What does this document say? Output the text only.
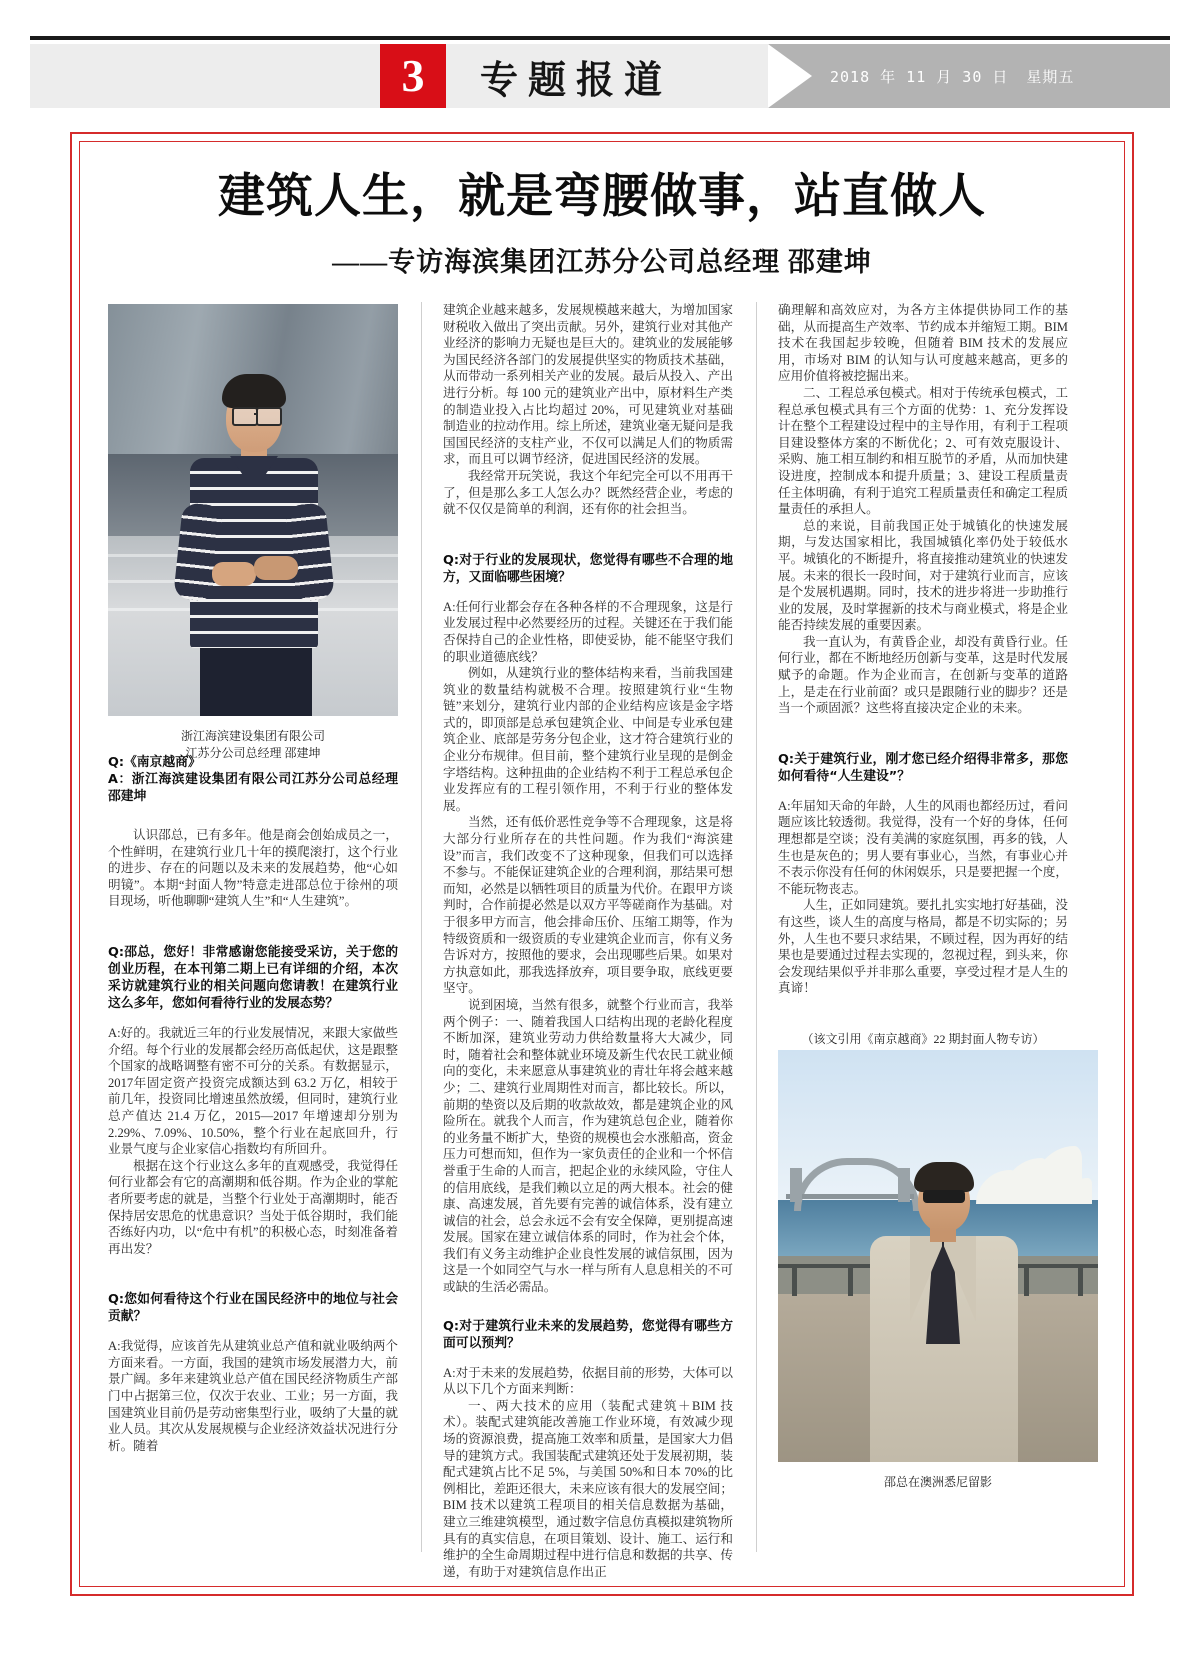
3	专题报道	2018 年 11 月 30 日 星期五
建筑人生，就是弯腰做事，站直做人
——专访海滨集团江苏分公司总经理 邵建坤
浙江海滨建设集团有限公司
江苏分公司总经理 邵建坤
邵总在澳洲悉尼留影

Q:《南京越商》

A：浙江海滨建设集团有限公司江苏分公司总经理 邵建坤

认识邵总，已有多年。他是商会创始成员之一，个性鲜明，在建筑行业几十年的摸爬滚打，这个行业的进步、存在的问题以及未来的发展趋势，他“心如明镜”。本期“封面人物”特意走进邵总位于徐州的项目现场，听他聊聊“建筑人生”和“人生建筑”。

Q:邵总，您好！非常感谢您能接受采访，关于您的创业历程，在本刊第二期上已有详细的介绍，本次采访就建筑行业的相关问题向您请教！在建筑行业这么多年，您如何看待行业的发展态势？

A:好的。我就近三年的行业发展情况，来跟大家做些介绍。每个行业的发展都会经历高低起伏，这是跟整个国家的战略调整有密不可分的关系。有数据显示，2017年固定资产投资完成额达到 63.2 万亿，相较于前几年，投资同比增速虽然放缓，但同时，建筑行业总产值达 21.4 万亿，2015—2017 年增速却分别为 2.29%、7.09%、10.50%，整个行业在起底回升，行业景气度与企业家信心指数均有所回升。

根据在这个行业这么多年的直观感受，我觉得任何行业都会有它的高潮期和低谷期。作为企业的掌舵者所要考虑的就是，当整个行业处于高潮期时，能否保持居安思危的忧患意识？当处于低谷期时，我们能否练好内功，以“危中有机”的积极心态，时刻准备着再出发？

Q:您如何看待这个行业在国民经济中的地位与社会贡献？

A:我觉得，应该首先从建筑业总产值和就业吸纳两个方面来看。一方面，我国的建筑市场发展潜力大，前景广阔。多年来建筑业总产值在国民经济物质生产部门中占据第三位，仅次于农业、工业；另一方面，我国建筑业目前仍是劳动密集型行业，吸纳了大量的就业人员。其次从发展规模与企业经济效益状况进行分析。随着

建筑企业越来越多，发展规模越来越大，为增加国家财税收入做出了突出贡献。另外，建筑行业对其他产业经济的影响力无疑也是巨大的。建筑业的发展能够为国民经济各部门的发展提供坚实的物质技术基础，从而带动一系列相关产业的发展。最后从投入、产出进行分析。每 100 元的建筑业产出中，原材料生产类的制造业投入占比均超过 20%，可见建筑业对基础制造业的拉动作用。综上所述，建筑业毫无疑问是我国国民经济的支柱产业，不仅可以满足人们的物质需求，而且可以调节经济，促进国民经济的发展。

我经常开玩笑说，我这个年纪完全可以不用再干了，但是那么多工人怎么办？既然经营企业，考虑的就不仅仅是简单的利润，还有你的社会担当。

Q:对于行业的发展现状，您觉得有哪些不合理的地方，又面临哪些困境？

A:任何行业都会存在各种各样的不合理现象，这是行业发展过程中必然要经历的过程。关键还在于我们能否保持自己的企业性格，即使妥协，能不能坚守我们的职业道德底线？

例如，从建筑行业的整体结构来看，当前我国建筑业的数量结构就极不合理。按照建筑行业“生物链”来划分，建筑行业内部的企业结构应该是金字塔式的，即顶部是总承包建筑企业、中间是专业承包建筑企业、底部是劳务分包企业，这才符合建筑行业的企业分布规律。但目前，整个建筑行业呈现的是倒金字塔结构。这种扭曲的企业结构不利于工程总承包企业发挥应有的工程引领作用，不利于行业的整体发展。

当然，还有低价恶性竞争等不合理现象，这是将大部分行业所存在的共性问题。作为我们“海滨建设”而言，我们改变不了这种现象，但我们可以选择不参与。不能保证建筑企业的合理利润，那结果可想而知，必然是以牺牲项目的质量为代价。在跟甲方谈判时，合作前提必然是以双方平等磋商作为基础。对于很多甲方而言，他会排命压价、压缩工期等，作为特级资质和一级资质的专业建筑企业而言，你有义务告诉对方，按照他的要求，会出现哪些后果。如果对方执意如此，那我选择放弃，项目要争取，底线更要坚守。

说到困境，当然有很多，就整个行业而言，我举两个例子：一、随着我国人口结构出现的老龄化程度不断加深，建筑业劳动力供给数量将大大减少，同时，随着社会和整体就业环境及新生代农民工就业倾向的变化，未来愿意从事建筑业的青壮年将会越来越少；二、建筑行业周期性对而言，都比较长。所以，前期的垫资以及后期的收款故效，都是建筑企业的风险所在。就我个人而言，作为建筑总包企业，随着你的业务量不断扩大，垫资的规模也会水涨船高，资金压力可想而知，但作为一家负责任的企业和一个怀信誉重于生命的人而言，把起企业的永续风险，守住人的信用底线，是我们赖以立足的两大根本。社会的健康、高速发展，首先要有完善的诚信体系，没有建立诚信的社会，总会永远不会有安全保障，更别提高速发展。国家在建立诚信体系的同时，作为社会个体，我们有义务主动维护企业良性发展的诚信氛围，因为这是一个如同空气与水一样与所有人息息相关的不可或缺的生活必需品。

Q:对于建筑行业未来的发展趋势，您觉得有哪些方面可以预判？

A:对于未来的发展趋势，依据目前的形势，大体可以从以下几个方面来判断：

一、两大技术的应用（装配式建筑＋BIM 技术）。装配式建筑能改善施工作业环境，有效减少现场的资源浪费，提高施工效率和质量，是国家大力倡导的建筑方式。我国装配式建筑还处于发展初期，装配式建筑占比不足 5%，与美国 50%和日本 70%的比例相比，差距还很大，未来应该有很大的发展空间；BIM 技术以建筑工程项目的相关信息数据为基础，建立三维建筑模型，通过数字信息仿真模拟建筑物所具有的真实信息，在项目策划、设计、施工、运行和维护的全生命周期过程中进行信息和数据的共享、传递，有助于对建筑信息作出正

确理解和高效应对，为各方主体提供协同工作的基础，从而提高生产效率、节约成本并缩短工期。BIM 技术在我国起步较晚，但随着 BIM 技术的发展应用，市场对 BIM 的认知与认可度越来越高，更多的应用价值将被挖掘出来。

二、工程总承包模式。相对于传统承包模式，工程总承包模式具有三个方面的优势：1、充分发挥设计在整个工程建设过程中的主导作用，有利于工程项目建设整体方案的不断优化；2、可有效克服设计、采购、施工相互制约和相互脱节的矛盾，从而加快建设进度，控制成本和提升质量；3、建设工程质量责任主体明确，有利于追究工程质量责任和确定工程质量责任的承担人。

总的来说，目前我国正处于城镇化的快速发展期，与发达国家相比，我国城镇化率仍处于较低水平。城镇化的不断提升，将直接推动建筑业的快速发展。未来的很长一段时间，对于建筑行业而言，应该是个发展机遇期。同时，技术的进步将进一步助推行业的发展，及时掌握新的技术与商业模式，将是企业能否持续发展的重要因素。

我一直认为，有黄昏企业，却没有黄昏行业。任何行业，都在不断地经历创新与变革，这是时代发展赋予的命题。作为企业而言，在创新与变革的道路上，是走在行业前面？或只是跟随行业的脚步？还是当一个顽固派？这些将直接决定企业的未来。

Q:关于建筑行业，刚才您已经介绍得非常多，那您如何看待“人生建设”？

A:年届知天命的年龄，人生的风雨也都经历过，看问题应该比较透彻。我觉得，没有一个好的身体，任何理想都是空谈；没有美满的家庭氛围，再多的钱，人生也是灰色的；男人要有事业心，当然，有事业心并不表示你没有任何的休闲娱乐，只是要把握一个度，不能玩物丧志。

人生，正如同建筑。要扎扎实实地打好基础，没有这些，谈人生的高度与格局，都是不切实际的；另外，人生也不要只求结果，不顾过程，因为再好的结果也是要通过过程去实现的，忽视过程，到头来，你会发现结果似乎并非那么重要，享受过程才是人生的真谛！

（该文引用《南京越商》22 期封面人物专访）
